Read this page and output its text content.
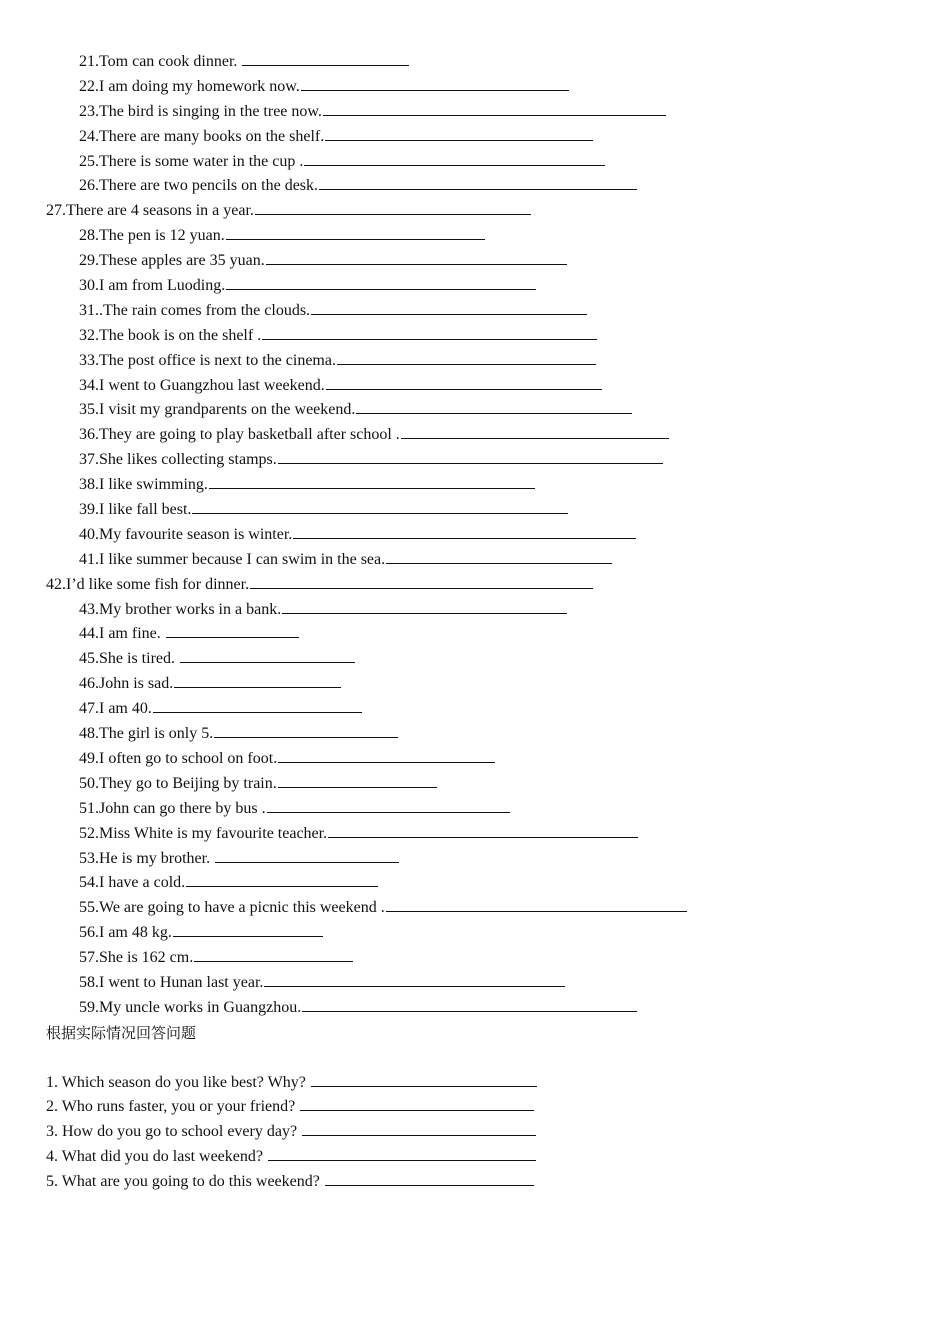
21.Tom can cook dinner.
22.I am doing my homework now.
23.The bird is singing in the tree now.
24.There are many books on the shelf.
25.There is some water in the cup .
26.There are two pencils on the desk.
27.There are 4 seasons in a year.
28.The pen is 12 yuan.
29.These apples are 35 yuan.
30.I am from Luoding.
31..The rain comes from the clouds.
32.The book is on the shelf .
33.The post office is next to the cinema.
34.I went to Guangzhou last weekend.
35.I visit my grandparents on the weekend.
36.They are going to play basketball after school .
37.She likes collecting stamps.
38.I like swimming.
39.I like fall best.
40.My favourite season is winter.
41.I like summer because I can swim in the sea.
42.I’d like some fish for dinner.
43.My brother works in a bank.
44.I am fine.
45.She is tired.
46.John is sad.
47.I am 40.
48.The girl is only 5.
49.I often go to school on foot.
50.They go to Beijing by train.
51.John can go there by bus .
52.Miss White is my favourite teacher.
53.He is my brother.
54.I have a cold.
55.We are going to have a picnic this weekend .
56.I am 48 kg.
57.She is 162 cm.
58.I went to Hunan last year.
59.My uncle works in Guangzhou.
根据实际情况回答问题
1. Which season do you like best? Why?
2. Who runs faster, you or your friend?
3. How do you go to school every day?
4. What did you do last weekend?
5. What are you going to do this weekend?
